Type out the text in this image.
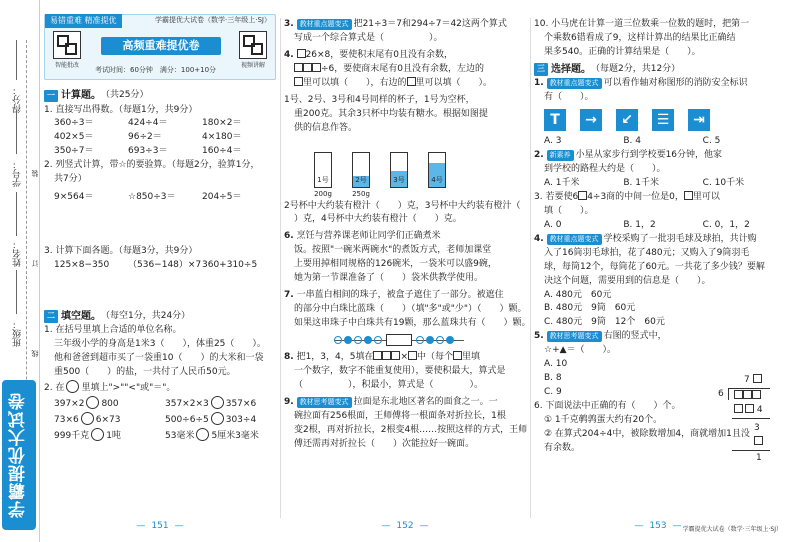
得分：
学号：
姓名：
班级：
装
订
线
学霸提优大试卷
易错重难 精准提优	学霸提优大试卷（数学·三年级上·SJ）
智能批改
高频重难提优卷
视频讲解
考试时间：60分钟　满分：100+10分
一 计算题。 （共25分）
1. 直接写出得数。（每题1分，共9分）
360÷3＝	424÷4＝	180×2＝
402×5＝	96÷2＝	4×180＝
350÷7＝	693÷3＝	160÷4＝
2. 列竖式计算，带☆的要验算。（每题2分，验算1分，
共7分）
9×564＝	☆850÷3＝	204÷5＝
3. 计算下面各题。（每题3分，共9分）
125×8−350	（536−148）×7 360+310÷5
二 填空题。 （每空1分，共24分）
1. 在括号里填上合适的单位名称。
三年级小学的身高是1米3（　　），体重25（　　）。
他和爸爸到超市买了一袋重10（　　）的大米和一袋
重500（　　）的盐，一共付了人民币50元。
2. 在 里填上">""<"或"＝"。
397×2 800	357×2×3 357×6
73×6 6×73	500÷6÷5 303÷4
999千克 1吨	53毫米 5厘米3毫米
— 151 —
3. 教材重点题变式 把21÷3＝7和294÷7＝42这两个算式
写成一个综合算式是（　　　　　）。
4. 26×8，要使积末尾有0且没有余数，
÷6，要使商末尾有0且没有余数，左边的
里可以填（　　），右边的 里可以填（　　）。
1号、2号、3号和4号同样的杯子，1号为空杯，
重200克。其余3只杯中均装有糖水。根据如图提
供的信息作答。
1号	2号	3号	4号
200g	250g
2号杯中大约装有橙汁（　　）克，3号杯中大约装有橙汁（
）克，4号杯中大约装有橙汁（　　）克。
6. 烹饪与营养课老师让同学们正确煮米
饭。按照"一碗米两碗水"的煮饭方式，老师加课堂
上要用掉相同规格的126碗米，一袋米可以盛9碗，
她为第一节课准备了（　　）袋米供教学使用。
7. 一串蓝白相间的珠子，被盒子遮住了一部分。被遮住
的部分中白珠比蓝珠（　　）（填"多"或"少"）（　　）颗。
如果这串珠子中白珠共有19颗，那么蓝珠共有（　　）颗。
8. 把1，3，4，5填在	× 中（每个 里填
一个数字，数字不能重复使用），要使积最大，算式是
（　　　　　），积最小，算式是（　　　　）。
9. 教材思考题变式 拉面是东北地区著名的面食之一。一
碗拉面有256根面，王师傅将一根面条对折拉长，1根
变2根，再对折拉长，2根变4根……按照这样的方式，王师
傅还需再对折拉长（　　）次能拉好一碗面。
— 152 —
10. 小马虎在计算一道三位数乘一位数的题时，把第一
个乘数6错看成了9，这样计算出的结果比正确结
果多540。正确的计算结果是（　　）。
三 选择题。 （每题2分，共12分）
1. 教材重点题变式 可以看作轴对称图形的消防安全标识
有（　　）。
T	→	↙	☰	⇥
A. 3	B. 4	C. 5
2. 新素养 小星从家步行到学校要16分钟，他家
到学校的路程大约是（　　）。
A. 1千米	B. 1千米	C. 10千米
3. 若要使6 4÷3商的中间一位是0， 里可以
填（　　）。
A. 0	B. 1，2	C. 0，1，2
4. 教材重点题变式 学校采购了一批羽毛球及球拍，共计购
入了16筒羽毛球拍，花了480元；又购入了9筒羽毛
球，每筒12个，每筒花了60元。一共花了多少钱？要解
决这个问题，需要用到的信息是（　　）。
A. 480元　60元
B. 480元　9筒　60元
C. 480元　9筒　12个　60元
5. 教材思考题变式 右图的竖式中，
☆+▲＝（　　）。
A. 10
B. 8
C. 9
6. 下面说法中正确的有（　　）个。
① 1千克鹌鹑蛋大约有20个。
② 在算式204÷4中，被除数增加4，商就增加1且没
有余数。
7
6
4
3
1
— 153 —	学霸提优大试卷（数学·三年级上·SJ）
